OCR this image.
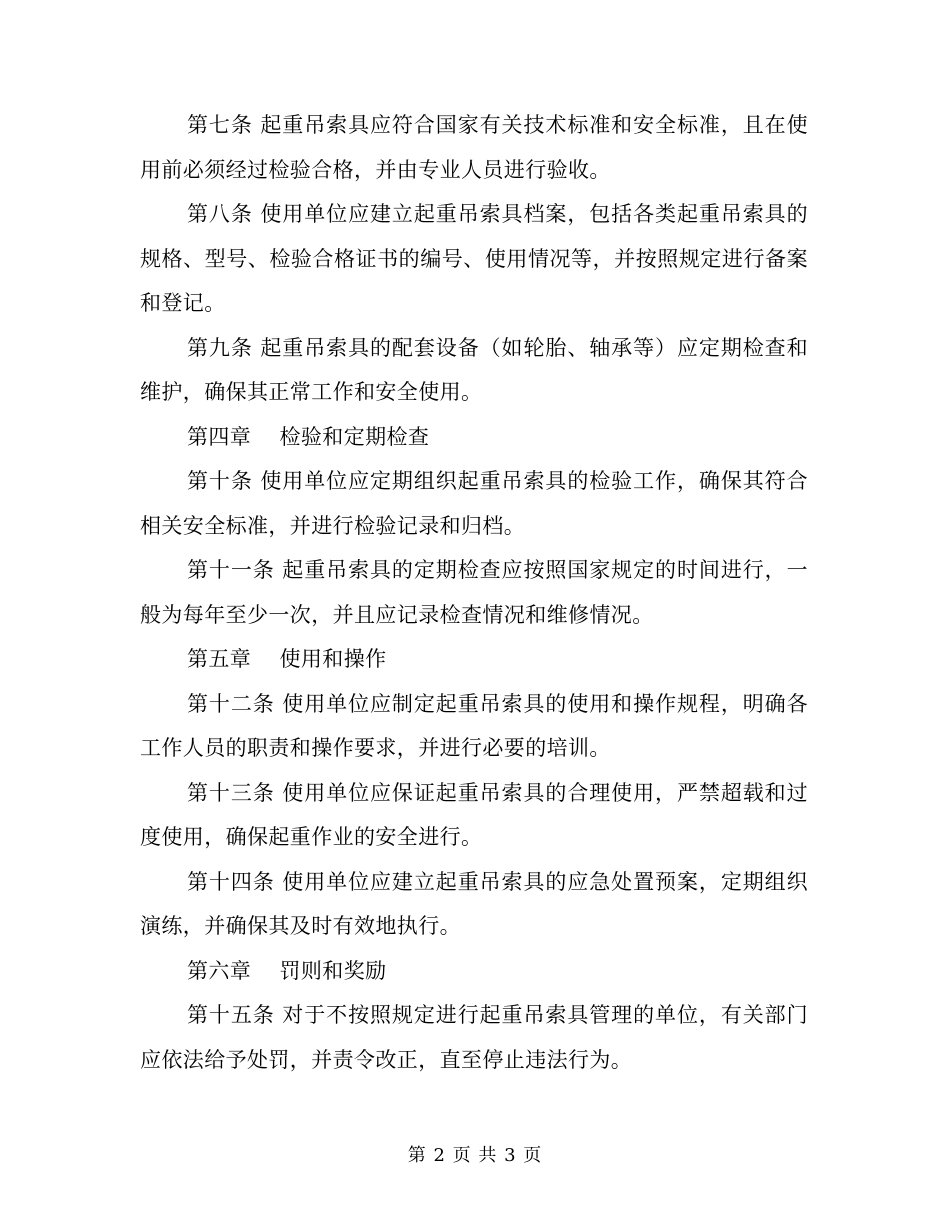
第七条 起重吊索具应符合国家有关技术标准和安全标准，且在使用前必须经过检验合格，并由专业人员进行验收。

第八条 使用单位应建立起重吊索具档案，包括各类起重吊索具的规格、型号、检验合格证书的编号、使用情况等，并按照规定进行备案和登记。

第九条 起重吊索具的配套设备（如轮胎、轴承等）应定期检查和维护，确保其正常工作和安全使用。

第四章    检验和定期检查

第十条 使用单位应定期组织起重吊索具的检验工作，确保其符合相关安全标准，并进行检验记录和归档。

第十一条 起重吊索具的定期检查应按照国家规定的时间进行，一般为每年至少一次，并且应记录检查情况和维修情况。

第五章    使用和操作

第十二条 使用单位应制定起重吊索具的使用和操作规程，明确各工作人员的职责和操作要求，并进行必要的培训。

第十三条 使用单位应保证起重吊索具的合理使用，严禁超载和过度使用，确保起重作业的安全进行。

第十四条 使用单位应建立起重吊索具的应急处置预案，定期组织演练，并确保其及时有效地执行。

第六章    罚则和奖励

第十五条 对于不按照规定进行起重吊索具管理的单位，有关部门应依法给予处罚，并责令改正，直至停止违法行为。

第 2 页 共 3 页
